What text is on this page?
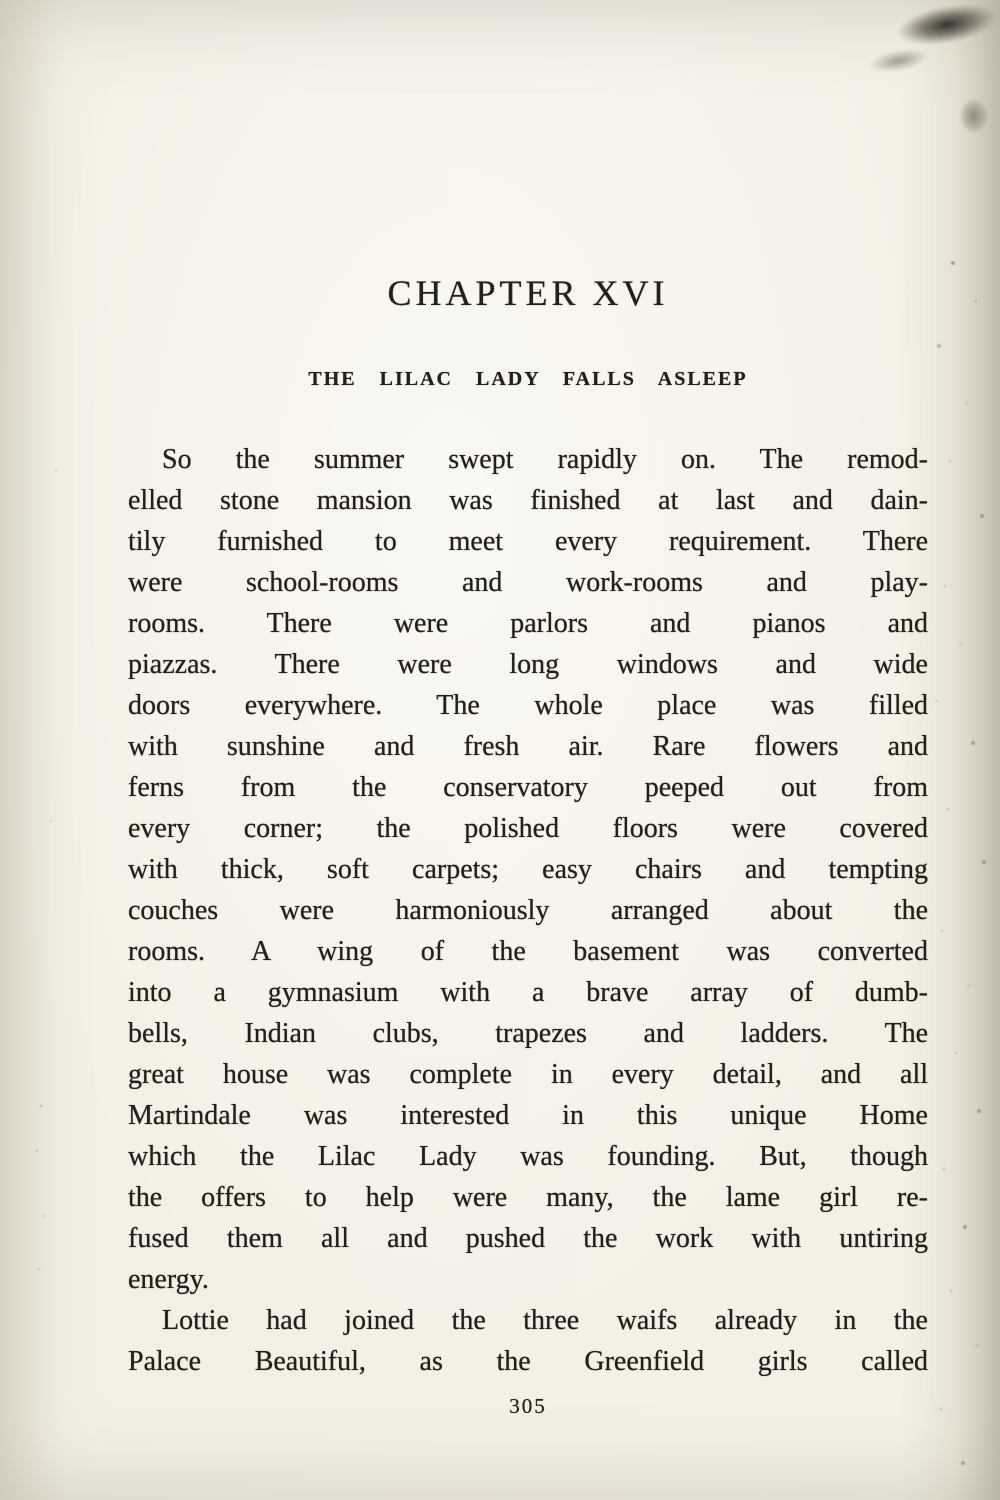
CHAPTER XVI
THE LILAC LADY FALLS ASLEEP
So the summer swept rapidly on. The remod-
elled stone mansion was finished at last and dain-
tily furnished to meet every requirement. There
were school-rooms and work-rooms and play-
rooms. There were parlors and pianos and
piazzas. There were long windows and wide
doors everywhere. The whole place was filled
with sunshine and fresh air. Rare flowers and
ferns from the conservatory peeped out from
every corner; the polished floors were covered
with thick, soft carpets; easy chairs and tempting
couches were harmoniously arranged about the
rooms. A wing of the basement was converted
into a gymnasium with a brave array of dumb-
bells, Indian clubs, trapezes and ladders. The
great house was complete in every detail, and all
Martindale was interested in this unique Home
which the Lilac Lady was founding. But, though
the offers to help were many, the lame girl re-
fused them all and pushed the work with untiring
energy.
Lottie had joined the three waifs already in the
Palace Beautiful, as the Greenfield girls called
305
